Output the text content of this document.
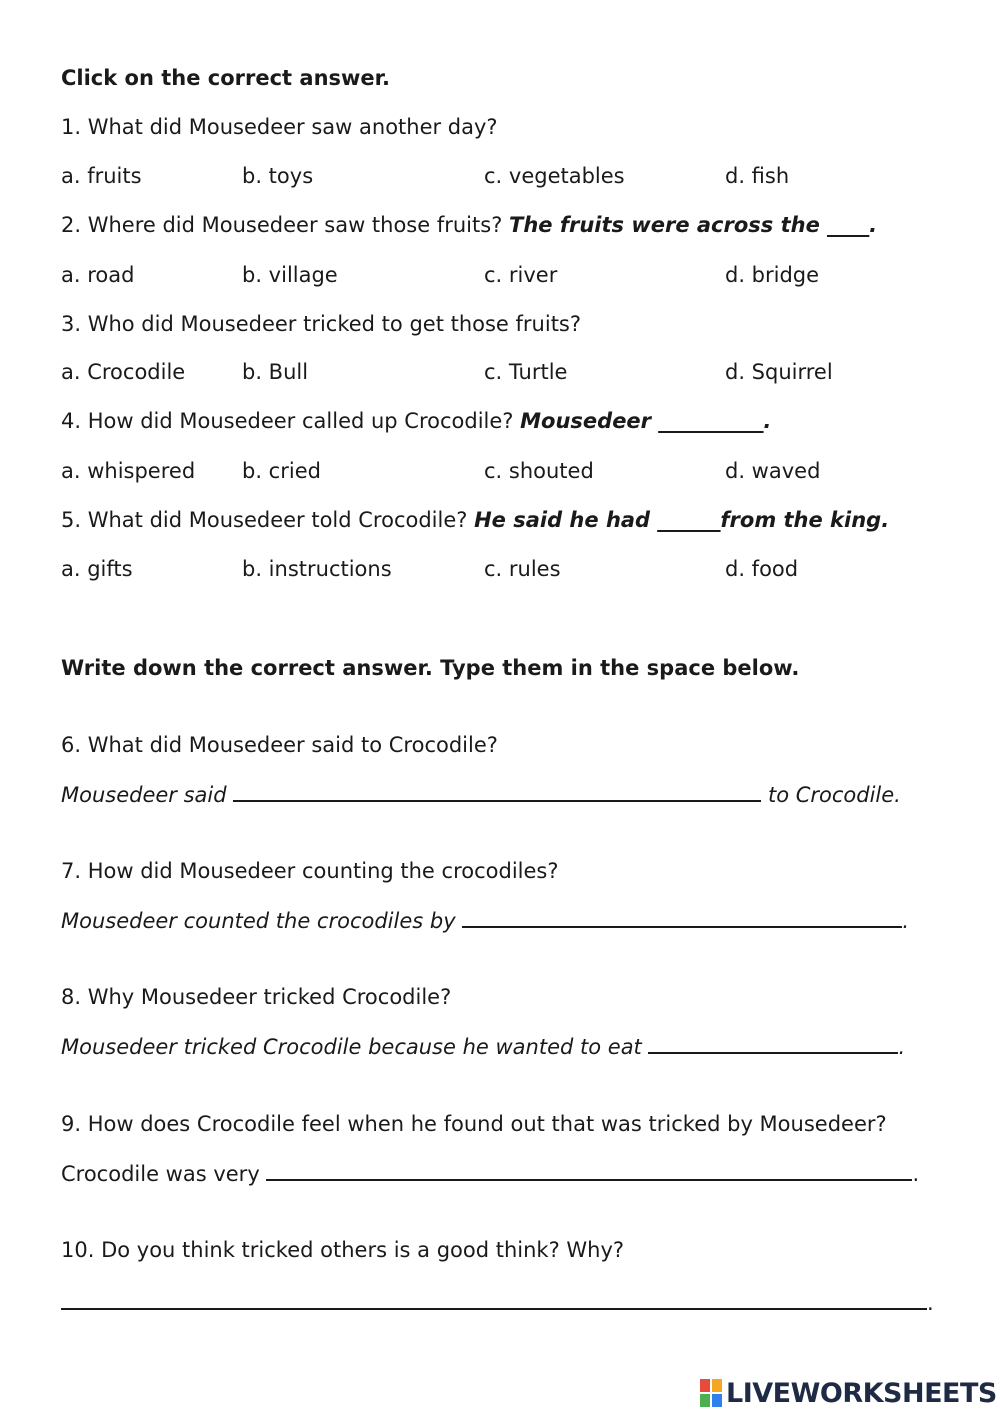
Click on the correct answer.
1. What did Mousedeer saw another day?
a. fruits	b. toys	c. vegetables	d. fish
2. Where did Mousedeer saw those fruits? The fruits were across the ____.
a. road	b. village	c. river	d. bridge
3. Who did Mousedeer tricked to get those fruits?
a. Crocodile	b. Bull	c. Turtle	d. Squirrel
4. How did Mousedeer called up Crocodile? Mousedeer __________.
a. whispered b. cried	c. shouted	d. waved
5. What did Mousedeer told Crocodile? He said he had ______from the king.
a. gifts	b. instructions	c. rules	d. food
Write down the correct answer. Type them in the space below.
6. What did Mousedeer said to Crocodile?
Mousedeer said	to Crocodile.
7. How did Mousedeer counting the crocodiles?
Mousedeer counted the crocodiles by	.
8. Why Mousedeer tricked Crocodile?
Mousedeer tricked Crocodile because he wanted to eat	.
9. How does Crocodile feel when he found out that was tricked by Mousedeer?
Crocodile was very	.
10. Do you think tricked others is a good think? Why?
.
LIVEWORKSHEETS
